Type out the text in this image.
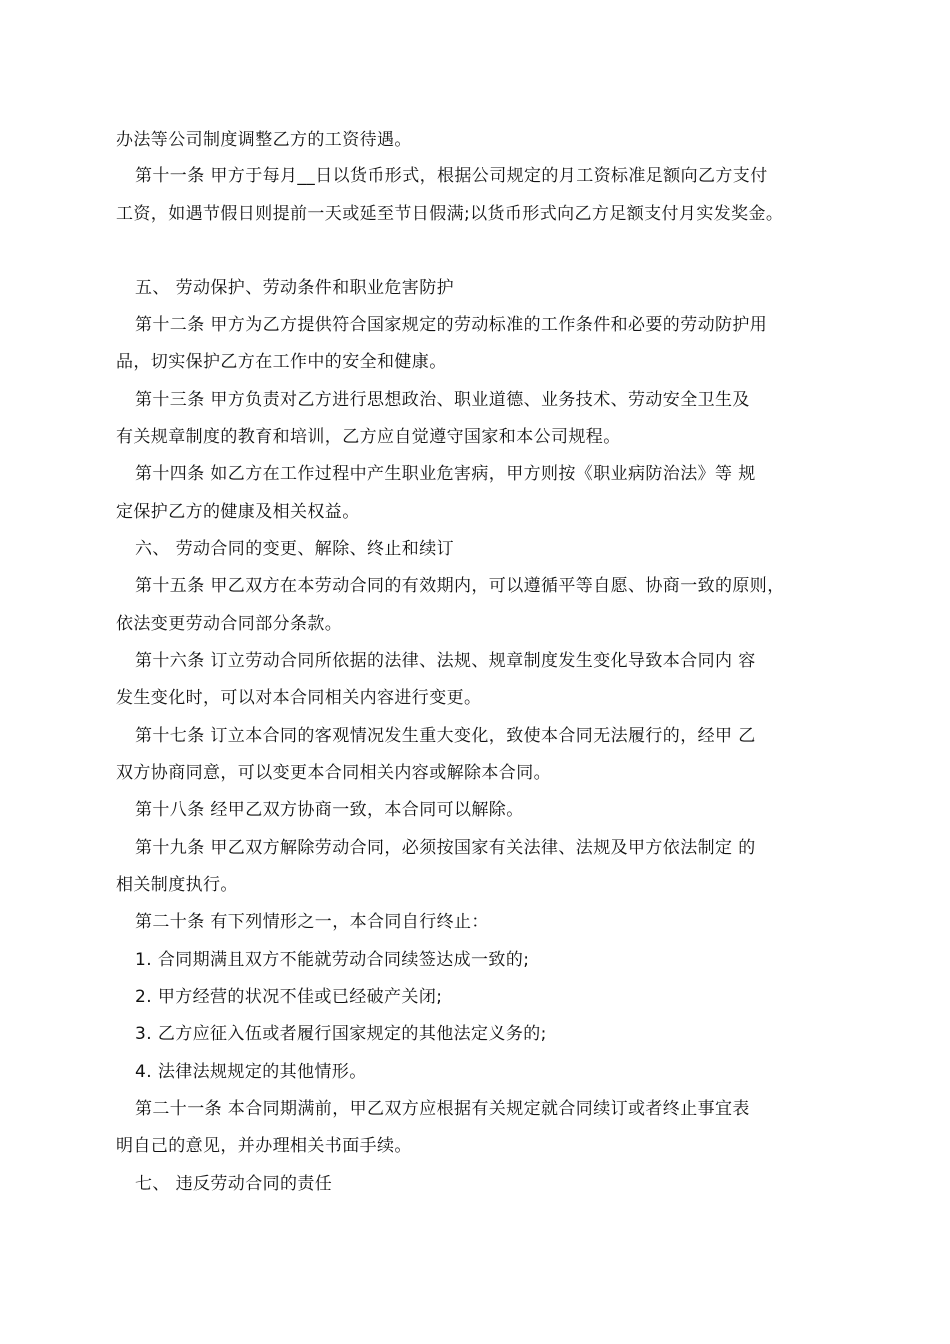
办法等公司制度调整乙方的工资待遇。
第十一条 甲方于每月__日以货币形式，根据公司规定的月工资标准足额向乙方支付
工资，如遇节假日则提前一天或延至节日假满;以货币形式向乙方足额支付月实发奖金。
五、 劳动保护、劳动条件和职业危害防护
第十二条 甲方为乙方提供符合国家规定的劳动标准的工作条件和必要的劳动防护用
品，切实保护乙方在工作中的安全和健康。
第十三条 甲方负责对乙方进行思想政治、职业道德、业务技术、劳动安全卫生及
有关规章制度的教育和培训，乙方应自觉遵守国家和本公司规程。
第十四条 如乙方在工作过程中产生职业危害病，甲方则按《职业病防治法》等 规
定保护乙方的健康及相关权益。
六、 劳动合同的变更、解除、终止和续订
第十五条 甲乙双方在本劳动合同的有效期内，可以遵循平等自愿、协商一致的原则，
依法变更劳动合同部分条款。
第十六条 订立劳动合同所依据的法律、法规、规章制度发生变化导致本合同内 容
发生变化时，可以对本合同相关内容进行变更。
第十七条 订立本合同的客观情况发生重大变化，致使本合同无法履行的，经甲 乙
双方协商同意，可以变更本合同相关内容或解除本合同。
第十八条 经甲乙双方协商一致，本合同可以解除。
第十九条 甲乙双方解除劳动合同，必须按国家有关法律、法规及甲方依法制定 的
相关制度执行。
第二十条 有下列情形之一，本合同自行终止：
1. 合同期满且双方不能就劳动合同续签达成一致的;
2. 甲方经营的状况不佳或已经破产关闭;
3. 乙方应征入伍或者履行国家规定的其他法定义务的;
4. 法律法规规定的其他情形。
第二十一条 本合同期满前，甲乙双方应根据有关规定就合同续订或者终止事宜表
明自己的意见，并办理相关书面手续。
七、 违反劳动合同的责任
